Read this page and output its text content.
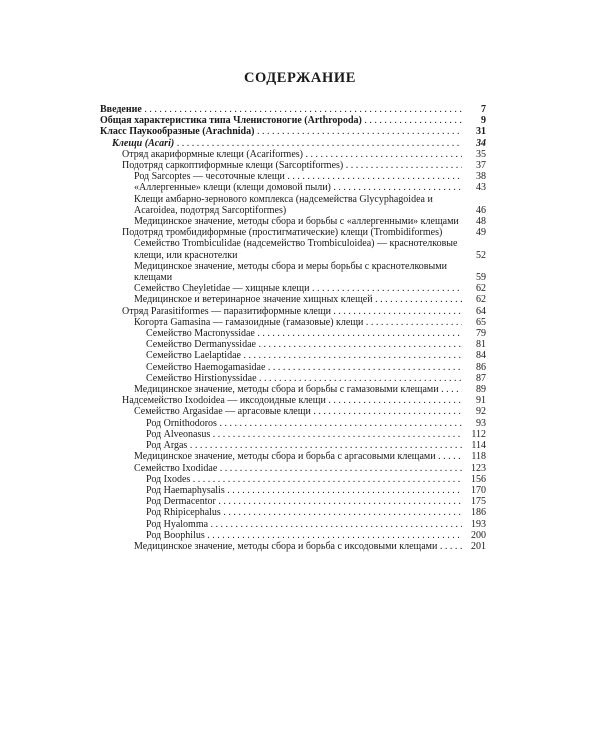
СОДЕРЖАНИЕ
Введение . . .	7
Общая характеристика типа Членистоногие (Arthropoda) . . .	9
Класс Паукообразные (Arachnida) . . .	31
Клещи (Acari) . . .	34
Отряд акариформные клещи (Acariformes) . . .	35
Подотряд саркоптиформные клещи (Sarcoptiformes) . . .	37
Род Sarcoptes — чесоточные клещи . . .	38
«Аллергенные» клещи (клещи домовой пыли) . . .	43
Клещи амбарно-зернового комплекса (надсемейства Glycyphagoidea и Acaroidea, подотряд Sarcoptiformes)	46
Медицинское значение, методы сбора и борьбы с «аллергенными» клещами	48
Подотряд тромбидиформные (простигматические) клещи (Trombidiformes)	49
Семейство Trombiculidae (надсемейство Trombiculoidea) — краснотелковые клещи, или краснотелки	52
Медицинское значение, методы сбора и меры борьбы с краснотелковыми клещами	59
Семейство Cheyletidae — хищные клещи . . .	62
Медицинское и ветеринарное значение хищных клещей . . .	62
Отряд Parasitiformes — паразитиформные клещи . . .	64
Когорта Gamasina — гамазоидные (гамазовые) клещи . . .	65
Семейство Macronyssidae . . .	79
Семейство Dermanyssidae . . .	81
Семейство Laelaptidae . . .	84
Семейство Haemogamasidae . . .	86
Семейство Hirstionyssidae . . .	87
Медицинское значение, методы сбора и борьбы с гамазовыми клещами . . .	89
Надсемейство Ixodoidea — иксодоидные клещи . . .	91
Семейство Argasidae — аргасовые клещи . . .	92
Род Ornithodoros . . .	93
Род Alveonasus . . .	112
Род Argas . . .	114
Медицинское значение, методы сбора и борьба с аргасовыми клещами . . .	118
Семейство Ixodidae . . .	123
Род Ixodes . . .	156
Род Haemaphysalis . . .	170
Род Dermacentor . . .	175
Род Rhipicephalus . . .	186
Род Hyalomma . . .	193
Род Boophilus . . .	200
Медицинское значение, методы сбора и борьба с иксодовыми клещами . . .	201
